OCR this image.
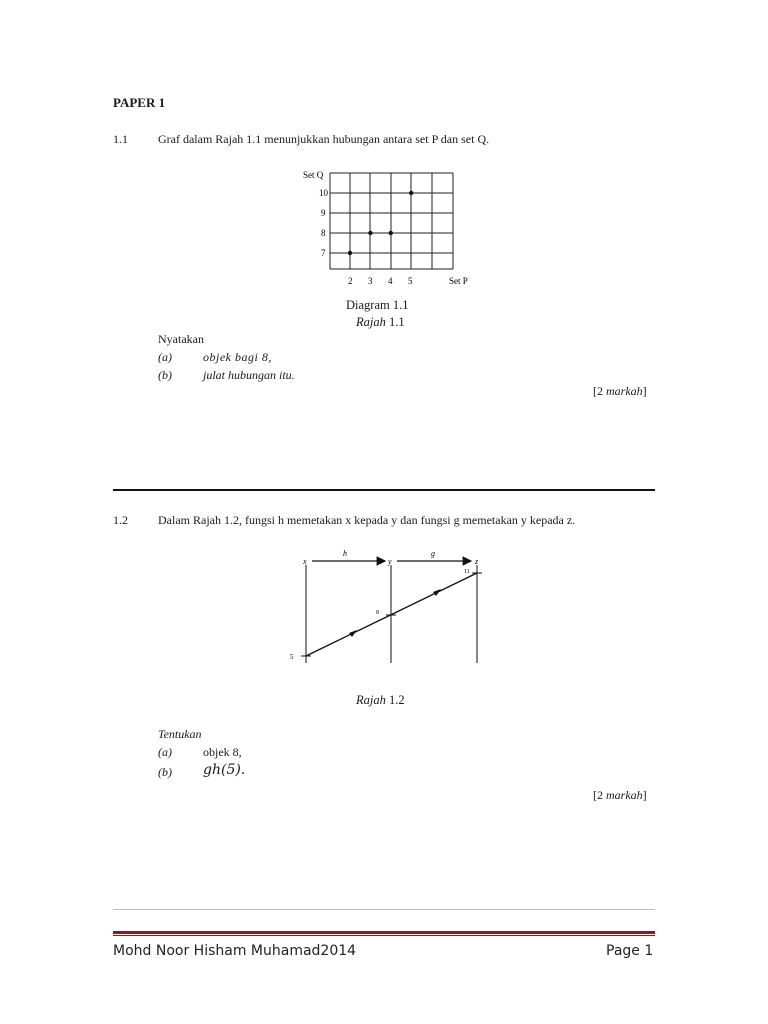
PAPER 1
1.1	Graf dalam Rajah 1.1 menunjukkan hubungan antara set P dan set Q.
Set Q
Set P
10
9
8
7
2 3 4 5
Diagram 1.1
Rajah 1.1
Nyatakan
(a)	objek bagi 8,
(b)	julat hubungan itu.
[2 markah]
1.2	Dalam Rajah 1.2, fungsi h memetakan x kepada y dan fungsi g memetakan y kepada z.
x	y	z
h	g
5
8
11
Rajah 1.2
Tentukan
(a)	objek 8,
(b) gh(5).
[2 markah]
Mohd Noor Hisham Muhamad2014	Page 1
